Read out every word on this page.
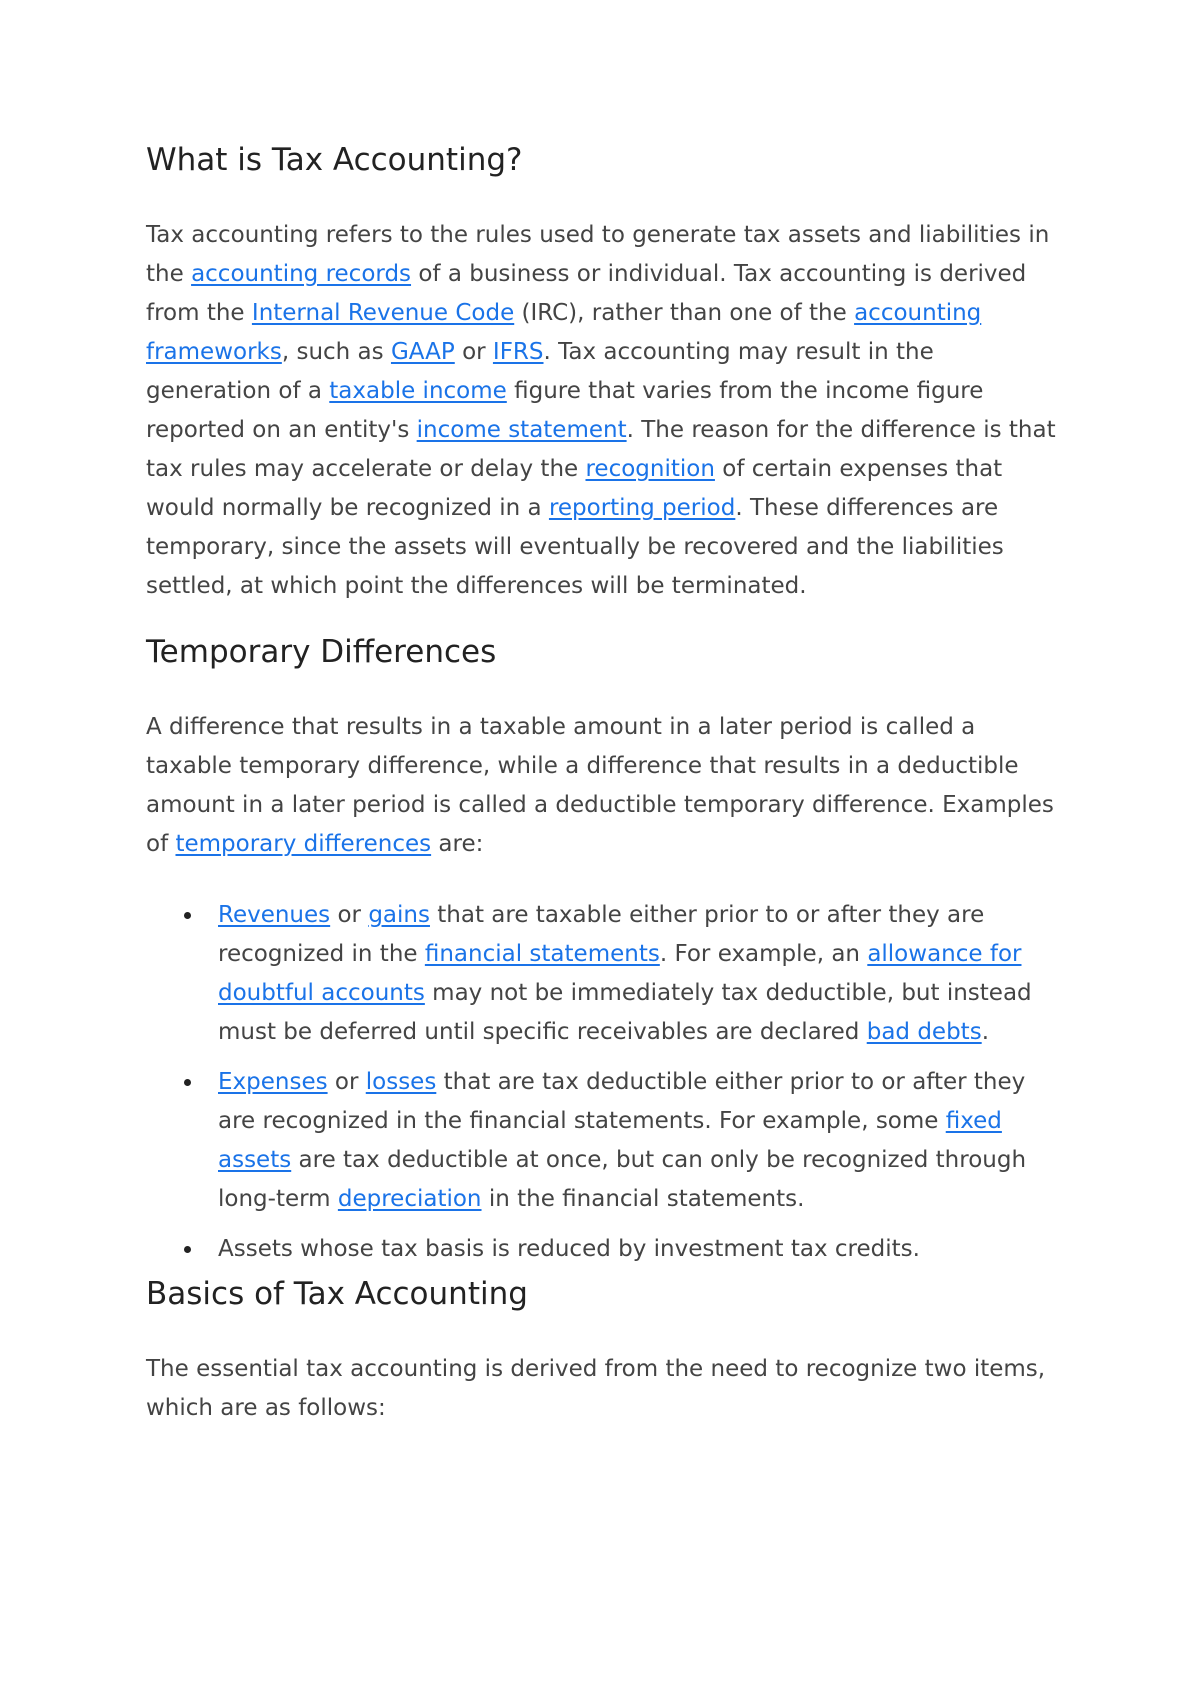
What is Tax Accounting?

Tax accounting refers to the rules used to generate tax assets and liabilities in the accounting records of a business or individual. Tax accounting is derived from the Internal Revenue Code (IRC), rather than one of the accounting frameworks, such as GAAP or IFRS. Tax accounting may result in the generation of a taxable income figure that varies from the income figure reported on an entity's income statement. The reason for the difference is that tax rules may accelerate or delay the recognition of certain expenses that would normally be recognized in a reporting period. These differences are temporary, since the assets will eventually be recovered and the liabilities settled, at which point the differences will be terminated.

Temporary Differences

A difference that results in a taxable amount in a later period is called a taxable temporary difference, while a difference that results in a deductible amount in a later period is called a deductible temporary difference. Examples of temporary differences are:

Revenues or gains that are taxable either prior to or after they are recognized in the financial statements. For example, an allowance for doubtful accounts may not be immediately tax deductible, but instead must be deferred until specific receivables are declared bad debts.
Expenses or losses that are tax deductible either prior to or after they are recognized in the financial statements. For example, some fixed assets are tax deductible at once, but can only be recognized through long-term depreciation in the financial statements.
Assets whose tax basis is reduced by investment tax credits.
Basics of Tax Accounting

The essential tax accounting is derived from the need to recognize two items, which are as follows:
